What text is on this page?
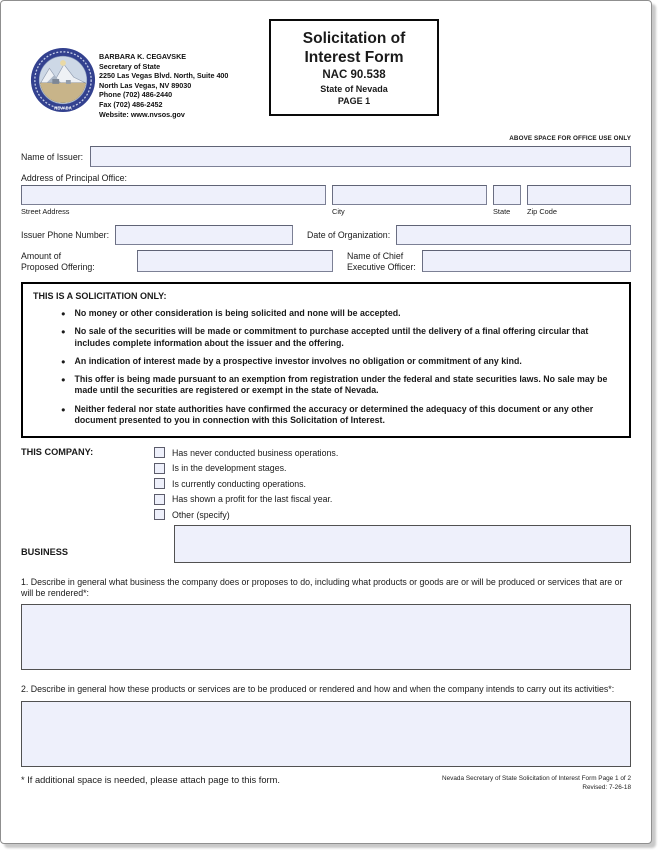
NEVADA
BARBARA K. CEGAVSKE
Secretary of State
2250 Las Vegas Blvd. North, Suite 400
North Las Vegas, NV 89030
Phone (702) 486-2440
Fax (702) 486-2452
Website: www.nvsos.gov
Solicitation of
Interest Form
NAC 90.538
State of Nevada
PAGE 1
ABOVE SPACE FOR OFFICE USE ONLY
Name of Issuer:
Address of Principal Office:
Street Address	City	State	Zip Code
Issuer Phone Number:	Date of Organization:
Amount of
Proposed Offering:
Name of Chief
Executive Officer:
THIS IS A SOLICITATION ONLY:
● No money or other consideration is being solicited and none will be accepted.
● No sale of the securities will be made or commitment to purchase accepted until the delivery of a final offering circular that includes complete information about the issuer and the offering.
● An indication of interest made by a prospective investor involves no obligation or commitment of any kind.
● This offer is being made pursuant to an exemption from registration under the federal and state securities laws. No sale may be made until the securities are registered or exempt in the state of Nevada.
● Neither federal nor state authorities have confirmed the accuracy or determined the adequacy of this document or any other document presented to you in connection with this Solicitation of Interest.
THIS COMPANY:
BUSINESS
Has never conducted business operations.
Is in the development stages.
Is currently conducting operations.
Has shown a profit for the last fiscal year.
Other (specify)
1. Describe in general what business the company does or proposes to do, including what products or goods are or will be produced or services that are or will be rendered*:
2. Describe in general how these products or services are to be produced or rendered and how and when the company intends to carry out its activities*:
* If additional space is needed, please attach page to this form.	Nevada Secretary of State Solicitation of Interest Form Page 1 of 2
Revised: 7-26-18
